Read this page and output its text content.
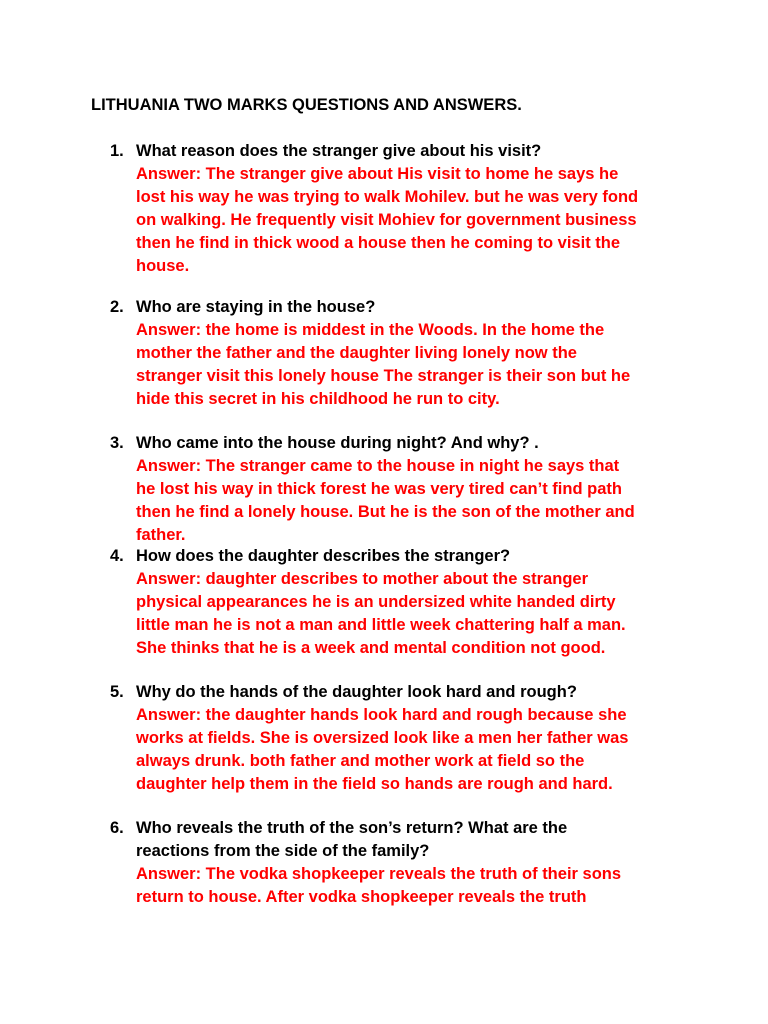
LITHUANIA TWO MARKS QUESTIONS AND ANSWERS.
1. What reason does the stranger give about his visit?
Answer: The stranger give about His visit to home he says he
lost his way he was trying to walk Mohilev. but he was very fond
on walking. He frequently visit Mohiev for government business
then he find in thick wood a house then he coming to visit the
house.
2. Who are staying in the house?
Answer: the home is middest in the Woods. In the home the
mother the father and the daughter living lonely now the
stranger visit this lonely house The stranger is their son but he
hide this secret in his childhood he run to city.
3. Who came into the house during night? And why? .
Answer: The stranger came to the house in night he says that
he lost his way in thick forest he was very tired can’t find path
then he find a lonely house. But he is the son of the mother and
father.
4. How does the daughter describes the stranger?
Answer: daughter describes to mother about the stranger
physical appearances he is an undersized white handed dirty
little man he is not a man and little week chattering half a man.
She thinks that he is a week and mental condition not good.
5. Why do the hands of the daughter look hard and rough?
Answer: the daughter hands look hard and rough because she
works at fields. She is oversized look like a men her father was
always drunk. both father and mother work at field so the
daughter help them in the field so hands are rough and hard.
6. Who reveals the truth of the son’s return? What are the
reactions from the side of the family?
Answer: The vodka shopkeeper reveals the truth of their sons
return to house. After vodka shopkeeper reveals the truth
